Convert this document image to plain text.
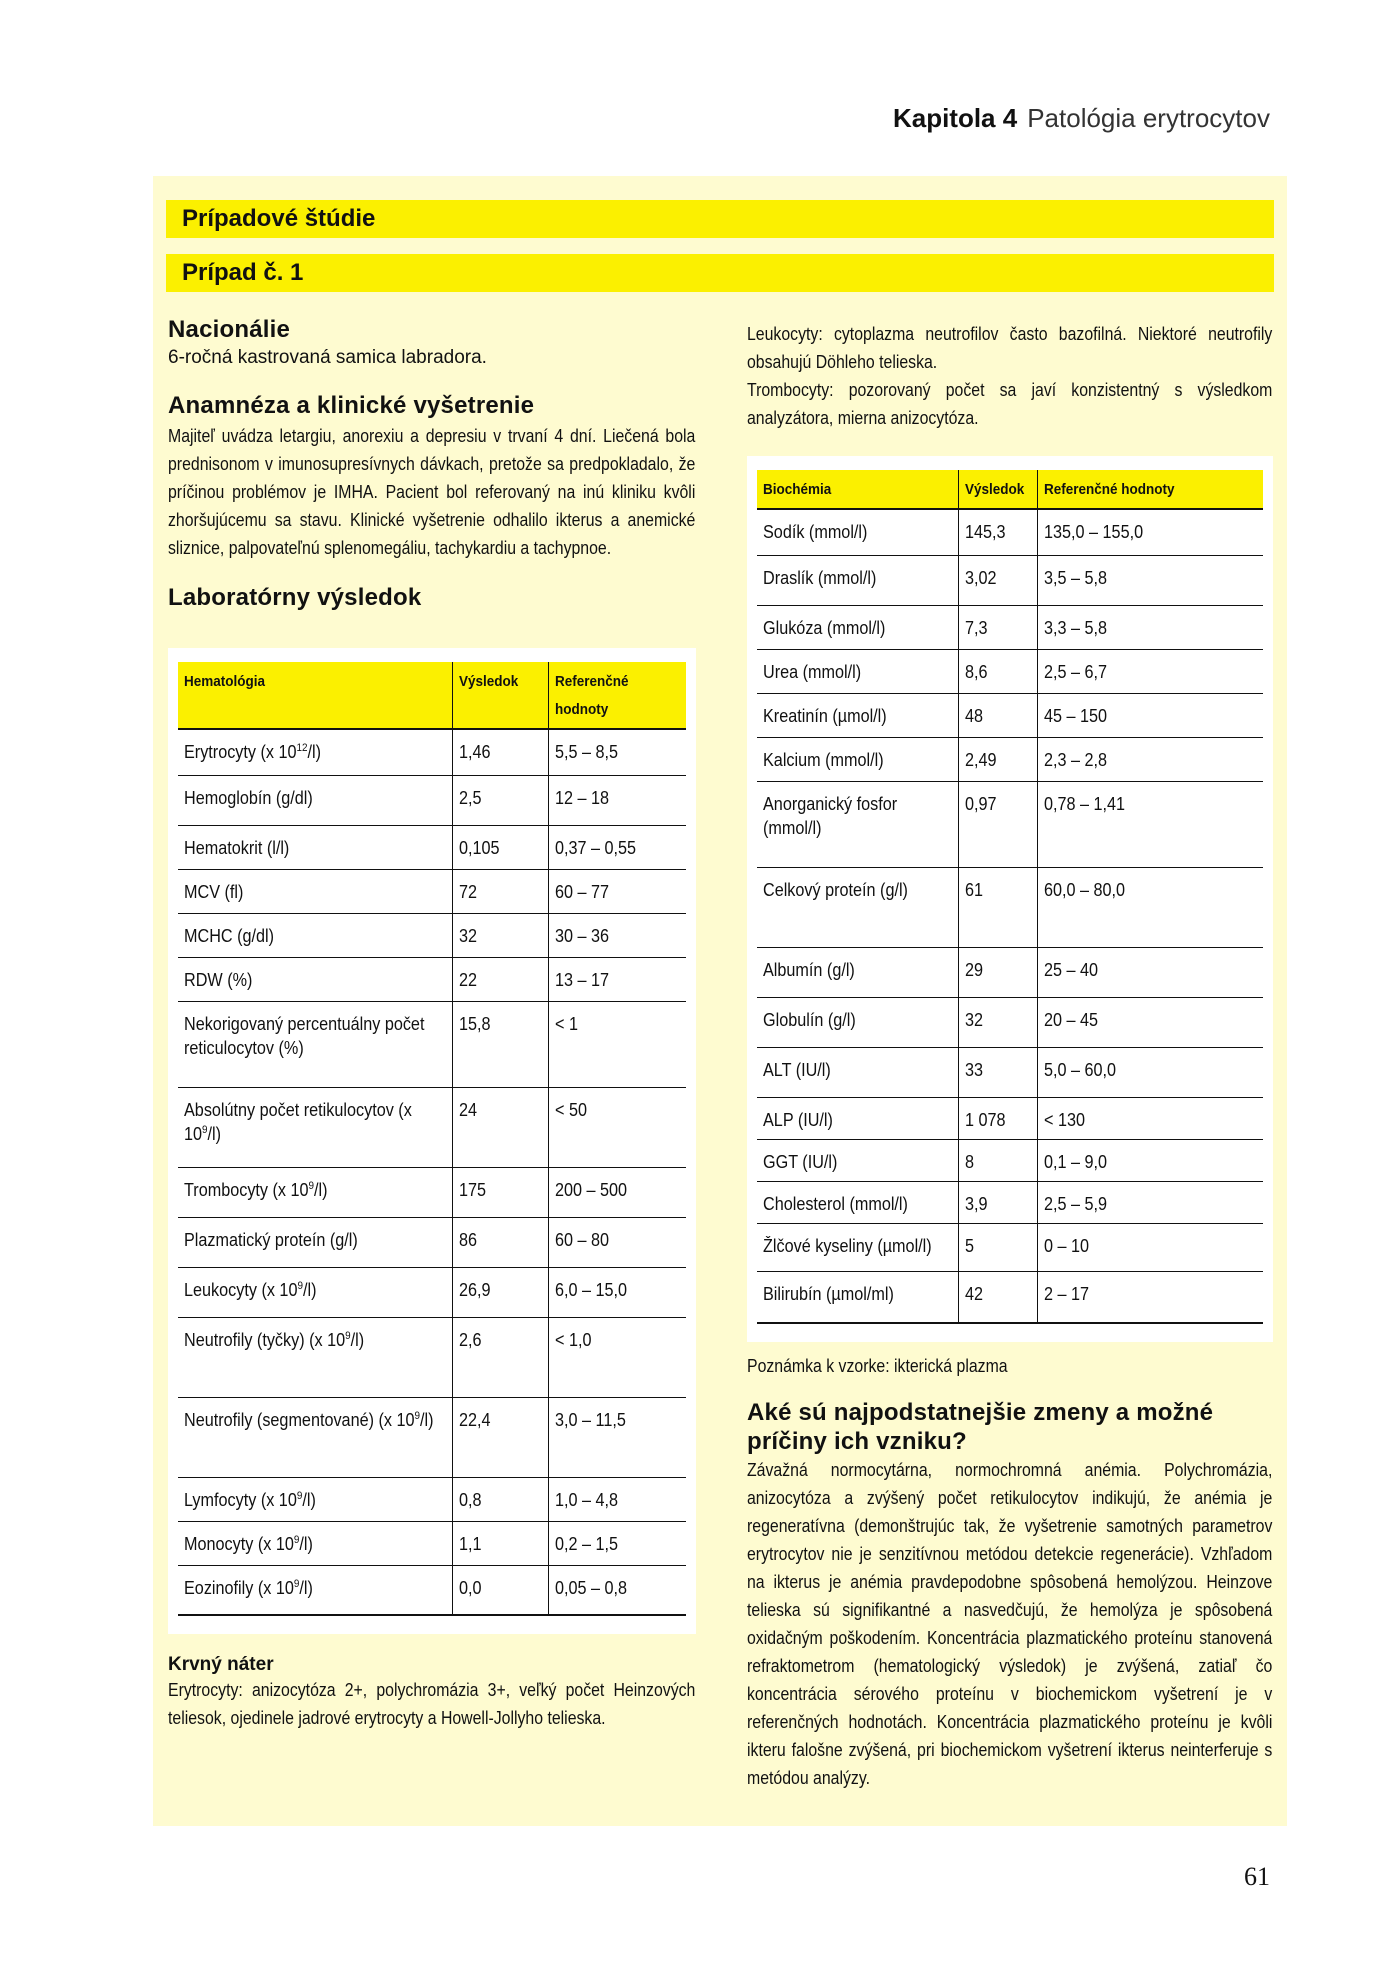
Kapitola 4 Patológia erytrocytov
Prípadové štúdie
Prípad č. 1
Nacionálie

6-ročná kastrovaná samica labradora.

Anamnéza a klinické vyšetrenie

Majiteľ uvádza letargiu, anorexiu a depresiu v trvaní 4 dní. Liečená bola prednisonom v imunosupresívnych dávkach, pretože sa predpokladalo, že príčinou problémov je IMHA. Pacient bol referovaný na inú kliniku kvôli zhoršujúcemu sa stavu. Klinické vyšetrenie odhalilo ikterus a anemické sliznice, palpovateľnú splenomegáliu, tachykardiu a tachypnoe.

Laboratórny výsledok
Hematológia	Výsledok	Referenčné hodnoty
Erytrocyty (x $10^{12}/l$)	1,46	5,5 – 8,5
Hemoglobín (g/dl)	2,5	12 – 18
Hematokrit (l/l)	0,105	0,37 – 0,55
MCV (fl)	72	60 – 77
MCHC (g/dl)	32	30 – 36
RDW (%)	22	13 – 17
Nekorigovaný percentuálny počet reticulocytov (%)	15,8	< 1
Absolútny počet retikulocytov (x $10^9/l$)	24	< 50
Trombocyty (x $10^9/l$)	175	200 – 500
Plazmatický proteín (g/l)	86	60 – 80
Leukocyty (x $10^9/l$)	26,9	6,0 – 15,0
Neutrofily (tyčky) (x $10^9/l$)	2,6	< 1,0
Neutrofily (segmentované) (x $10^9/l$)	22,4	3,0 – 11,5
Lymfocyty (x $10^9/l$)	0,8	1,0 – 4,8
Monocyty (x $10^9/l$)	1,1	0,2 – 1,5
Eozinofily (x $10^9/l$)	0,0	0,05 – 0,8
Krvný náter

Erytrocyty: anizocytóza 2+, polychromázia 3+, veľký počet Heinzových teliesok, ojedinele jadrové erytrocyty a Howell-Jollyho telieska.

Leukocyty: cytoplazma neutrofilov často bazofilná. Niektoré neutrofily obsahujú Döhleho telieska.

Trombocyty: pozorovaný počet sa javí konzistentný s výsledkom analyzátora, mierna anizocytóza.

Biochémia	Výsledok	Referenčné hodnoty
Sodík (mmol/l)	145,3	135,0 – 155,0
Draslík (mmol/l)	3,02	3,5 – 5,8
Glukóza (mmol/l)	7,3	3,3 – 5,8
Urea (mmol/l)	8,6	2,5 – 6,7
Kreatinín (µmol/l)	48	45 – 150
Kalcium (mmol/l)	2,49	2,3 – 2,8
Anorganický fosfor (mmol/l)	0,97	0,78 – 1,41
Celkový proteín (g/l)	61	60,0 – 80,0
Albumín (g/l)	29	25 – 40
Globulín (g/l)	32	20 – 45
ALT (IU/l)	33	5,0 – 60,0
ALP (IU/l)	1 078	< 130
GGT (IU/l)	8	0,1 – 9,0
Cholesterol (mmol/l)	3,9	2,5 – 5,9
Žlčové kyseliny (µmol/l)	5	0 – 10
Bilirubín (µmol/ml)	42	2 – 17

Poznámka k vzorke: ikterická plazma

Aké sú najpodstatnejšie zmeny a možné príčiny ich vzniku?

Závažná normocytárna, normochromná anémia. Polychromázia, anizocytóza a zvýšený počet retikulocytov indikujú, že anémia je regeneratívna (demonštrujúc tak, že vyšetrenie samotných parametrov erytrocytov nie je senzitívnou metódou detekcie regenerácie). Vzhľadom na ikterus je anémia pravdepodobne spôsobená hemolýzou. Heinzove telieska sú signifikantné a nasvedčujú, že hemolýza je spôsobená oxidačným poškodením. Koncentrácia plazmatického proteínu stanovená refraktometrom (hematologický výsledok) je zvýšená, zatiaľ čo koncentrácia sérového proteínu v biochemickom vyšetrení je v referenčných hodnotách. Koncentrácia plazmatického proteínu je kvôli ikteru falošne zvýšená, pri biochemickom vyšetrení ikterus neinterferuje s metódou analýzy.

61
